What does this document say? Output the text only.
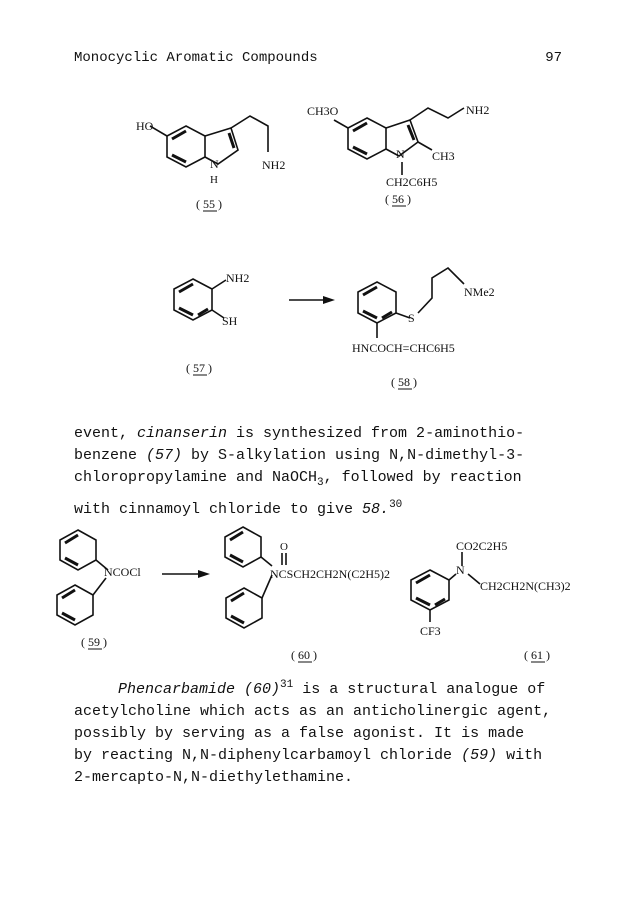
Monocyclic Aromatic Compounds	97
HO
N
H
NH2
55
( )
CH3O	NH2
N CH3
CH2C6H5
56
( )
NH2
SH
57
( )
S
NMe2
HNCOCH=CHC6H5
58
( )
NCOCl
59
( )
O
NCSCH2CH2N(C2H5)2
60
( )
CO2C2H5
N
CH2CH2N(CH3)2
CF3
61
( )
event, cinanserin is synthesized from 2-aminothio-
benzene (57) by S-alkylation using N,N-dimethyl-3-
chloropropylamine and NaOCH$_3$, followed by reaction
with cinnamoyl chloride to give 58.30
Phencarbamide $(60)^{31}$ is a structural analogue of
acetylcholine which acts as an anticholinergic agent,
possibly by serving as a false agonist. It is made
by reacting N,N-diphenylcarbamoyl chloride (59) with
2-mercapto-N,N-diethylethamine.
